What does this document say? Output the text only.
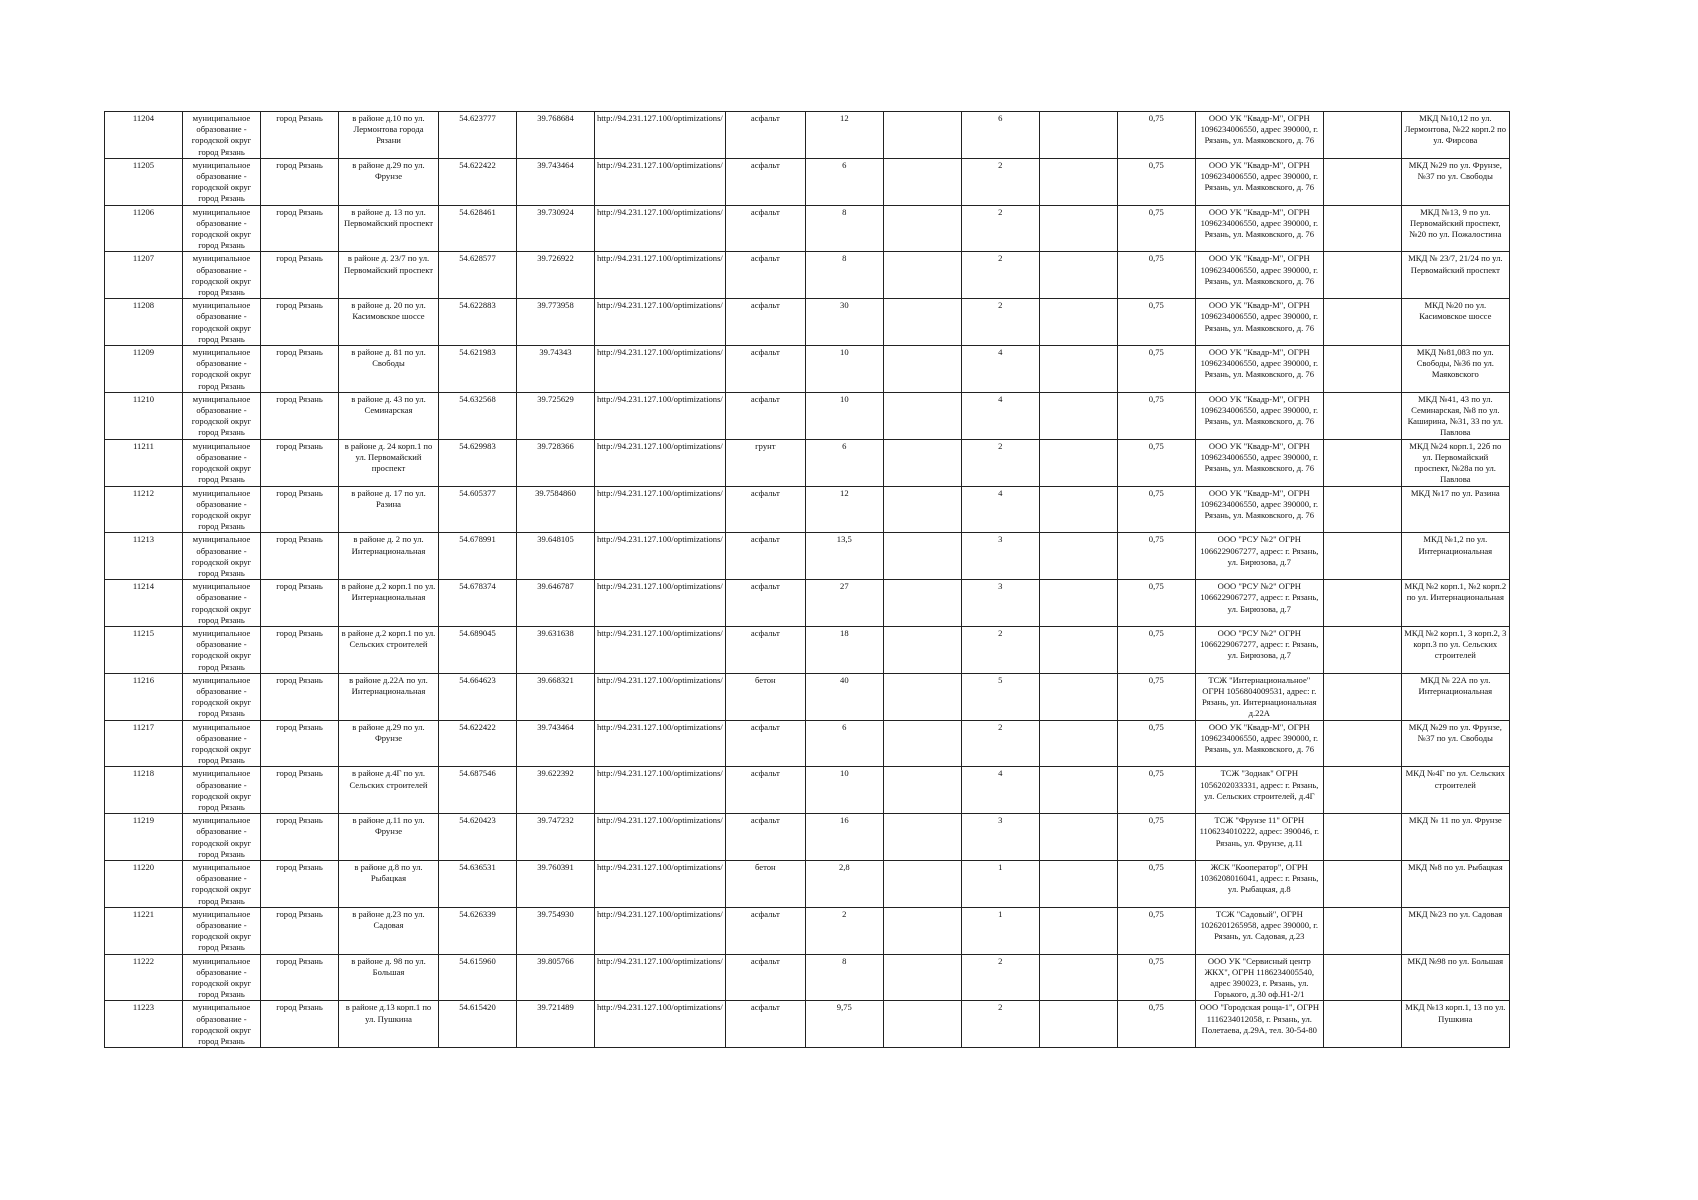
11204	муниципальное образование - городской округ город Рязань	город Рязань	в районе д.10 по ул. Лермонтова города Рязани	54.623777	39.768684	http://94.231.127.100/optimizations/	асфальт	12		6		0,75	ООО УК "Квадр-М", ОГРН 1096234006550, адрес 390000, г. Рязань, ул. Маяковского, д. 76		МКД №10,12 по ул. Лермонтова, №22 корп.2 по ул. Фирсова
11205	муниципальное образование - городской округ город Рязань	город Рязань	в районе д.29 по ул. Фрунзе	54.622422	39.743464	http://94.231.127.100/optimizations/	асфальт	6		2		0,75	ООО УК "Квадр-М", ОГРН 1096234006550, адрес 390000, г. Рязань, ул. Маяковского, д. 76		МКД №29 по ул. Фрунзе, №37 по ул. Свободы
11206	муниципальное образование - городской округ город Рязань	город Рязань	в районе д. 13 по ул. Первомайский проспект	54.628461	39.730924	http://94.231.127.100/optimizations/	асфальт	8		2		0,75	ООО УК "Квадр-М", ОГРН 1096234006550, адрес 390000, г. Рязань, ул. Маяковского, д. 76		МКД №13, 9 по ул. Первомайский проспект, №20 по ул. Пожалостина
11207	муниципальное образование - городской округ город Рязань	город Рязань	в районе д. 23/7 по ул. Первомайский проспект	54.628577	39.726922	http://94.231.127.100/optimizations/	асфальт	8		2		0,75	ООО УК "Квадр-М", ОГРН 1096234006550, адрес 390000, г. Рязань, ул. Маяковского, д. 76		МКД № 23/7, 21/24 по ул. Первомайский проспект
11208	муниципальное образование - городской округ город Рязань	город Рязань	в районе д. 20 по ул. Касимовское шоссе	54.622883	39.773958	http://94.231.127.100/optimizations/	асфальт	30		2		0,75	ООО УК "Квадр-М", ОГРН 1096234006550, адрес 390000, г. Рязань, ул. Маяковского, д. 76		МКД №20 по ул. Касимовское шоссе
11209	муниципальное образование - городской округ город Рязань	город Рязань	в районе д. 81 по ул. Свободы	54.621983	39.74343	http://94.231.127.100/optimizations/	асфальт	10		4		0,75	ООО УК "Квадр-М", ОГРН 1096234006550, адрес 390000, г. Рязань, ул. Маяковского, д. 76		МКД №81,083 по ул. Свободы, №36 по ул. Маяковского
11210	муниципальное образование - городской округ город Рязань	город Рязань	в районе д. 43 по ул. Семинарская	54.632568	39.725629	http://94.231.127.100/optimizations/	асфальт	10		4		0,75	ООО УК "Квадр-М", ОГРН 1096234006550, адрес 390000, г. Рязань, ул. Маяковского, д. 76		МКД №41, 43 по ул. Семинарская, №8 по ул. Каширина, №31, 33 по ул. Павлова
11211	муниципальное образование - городской округ город Рязань	город Рязань	в районе д. 24 корп.1 по ул. Первомайский проспект	54.629983	39.728366	http://94.231.127.100/optimizations/	грунт	6		2		0,75	ООО УК "Квадр-М", ОГРН 1096234006550, адрес 390000, г. Рязань, ул. Маяковского, д. 76		МКД №24 корп.1, 22б по ул. Первомайский проспект, №28а по ул. Павлова
11212	муниципальное образование - городской округ город Рязань	город Рязань	в районе д. 17 по ул. Разина	54.605377	39.7584860	http://94.231.127.100/optimizations/	асфальт	12		4		0,75	ООО УК "Квадр-М", ОГРН 1096234006550, адрес 390000, г. Рязань, ул. Маяковского, д. 76		МКД №17 по ул. Разина
11213	муниципальное образование - городской округ город Рязань	город Рязань	в районе д. 2 по ул. Интернациональная	54.678991	39.648105	http://94.231.127.100/optimizations/	асфальт	13,5		3		0,75	ООО "РСУ №2" ОГРН 1066229067277, адрес: г. Рязань, ул. Бирюзова, д.7		МКД №1,2 по ул. Интернациональная
11214	муниципальное образование - городской округ город Рязань	город Рязань	в районе д.2 корп.1 по ул. Интернациональная	54.678374	39.646787	http://94.231.127.100/optimizations/	асфальт	27		3		0,75	ООО "РСУ №2" ОГРН 1066229067277, адрес: г. Рязань, ул. Бирюзова, д.7		МКД №2 корп.1, №2 корп.2 по ул. Интернациональная
11215	муниципальное образование - городской округ город Рязань	город Рязань	в районе д.2 корп.1 по ул. Сельских строителей	54.689045	39.631638	http://94.231.127.100/optimizations/	асфальт	18		2		0,75	ООО "РСУ №2" ОГРН 1066229067277, адрес: г. Рязань, ул. Бирюзова, д.7		МКД №2 корп.1, 3 корп.2, 3 корп.3 по ул. Сельских строителей
11216	муниципальное образование - городской округ город Рязань	город Рязань	в районе д.22А по ул. Интернациональная	54.664623	39.668321	http://94.231.127.100/optimizations/	бетон	40		5		0,75	ТСЖ "Интернациональное" ОГРН 1056804009531, адрес: г. Рязань, ул. Интернациональная д.22А		МКД № 22А по ул. Интернациональная
11217	муниципальное образование - городской округ город Рязань	город Рязань	в районе д.29 по ул. Фрунзе	54.622422	39.743464	http://94.231.127.100/optimizations/	асфальт	6		2		0,75	ООО УК "Квадр-М", ОГРН 1096234006550, адрес 390000, г. Рязань, ул. Маяковского, д. 76		МКД №29 по ул. Фрунзе, №37 по ул. Свободы
11218	муниципальное образование - городской округ город Рязань	город Рязань	в районе д.4Г по ул. Сельских строителей	54.687546	39.622392	http://94.231.127.100/optimizations/	асфальт	10		4		0,75	ТСЖ "Зодиак" ОГРН 1056202033331, адрес: г. Рязань, ул. Сельских строителей, д.4Г		МКД №4Г по ул. Сельских строителей
11219	муниципальное образование - городской округ город Рязань	город Рязань	в районе д.11 по ул. Фрунзе	54.620423	39.747232	http://94.231.127.100/optimizations/	асфальт	16		3		0,75	ТСЖ "Фрунзе 11" ОГРН 1106234010222, адрес: 390046, г. Рязань, ул. Фрунзе, д.11		МКД № 11 по ул. Фрунзе
11220	муниципальное образование - городской округ город Рязань	город Рязань	в районе д.8 по ул. Рыбацкая	54.636531	39.760391	http://94.231.127.100/optimizations/	бетон	2,8		1		0,75	ЖСК "Кооператор", ОГРН 1036208016041, адрес: г. Рязань, ул. Рыбацкая, д.8		МКД №8 по ул. Рыбацкая
11221	муниципальное образование - городской округ город Рязань	город Рязань	в районе д.23 по ул. Садовая	54.626339	39.754930	http://94.231.127.100/optimizations/	асфальт	2		1		0,75	ТСЖ "Садовый", ОГРН 1026201265958, адрес 390000, г. Рязань, ул. Садовая, д.23		МКД №23 по ул. Садовая
11222	муниципальное образование - городской округ город Рязань	город Рязань	в районе д. 98 по ул. Большая	54.615960	39.805766	http://94.231.127.100/optimizations/	асфальт	8		2		0,75	ООО УК "Сервисный центр ЖКХ", ОГРН 1186234005540, адрес 390023, г. Рязань, ул. Горького, д.30 оф.Н1-2/1		МКД №98 по ул. Большая
11223	муниципальное образование - городской округ город Рязань	город Рязань	в районе д.13 корп.1 по ул. Пушкина	54.615420	39.721489	http://94.231.127.100/optimizations/	асфальт	9,75		2		0,75	ООО "Городская роща-1", ОГРН 1116234012058, г. Рязань, ул. Полетаева, д.29А, тел. 30-54-80		МКД №13 корп.1, 13 по ул. Пушкина
